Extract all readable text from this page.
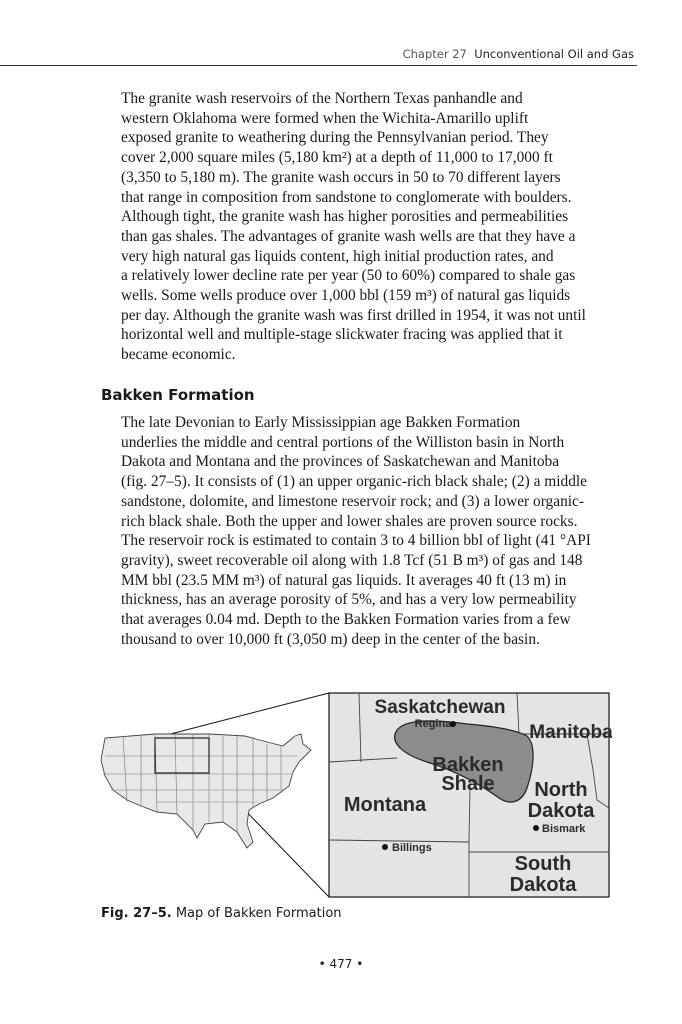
Chapter 27 Unconventional Oil and Gas

The granite wash reservoirs of the Northern Texas panhandle and
western Oklahoma were formed when the Wichita-Amarillo uplift
exposed granite to weathering during the Pennsylvanian period. They
cover 2,000 square miles (5,180 km²) at a depth of 11,000 to 17,000 ft
(3,350 to 5,180 m). The granite wash occurs in 50 to 70 different layers
that range in composition from sandstone to conglomerate with boulders.
Although tight, the granite wash has higher porosities and permeabilities
than gas shales. The advantages of granite wash wells are that they have a
very high natural gas liquids content, high initial production rates, and
a relatively lower decline rate per year (50 to 60%) compared to shale gas
wells. Some wells produce over 1,000 bbl (159 m³) of natural gas liquids
per day. Although the granite wash was first drilled in 1954, it was not until
horizontal well and multiple-stage slickwater fracing was applied that it
became economic.

Bakken Formation

The late Devonian to Early Mississippian age Bakken Formation
underlies the middle and central portions of the Williston basin in North
Dakota and Montana and the provinces of Saskatchewan and Manitoba
(fig. 27–5). It consists of (1) an upper organic-rich black shale; (2) a middle
sandstone, dolomite, and limestone reservoir rock; and (3) a lower organic-
rich black shale. Both the upper and lower shales are proven source rocks.
The reservoir rock is estimated to contain 3 to 4 billion bbl of light (41 °API
gravity), sweet recoverable oil along with 1.8 Tcf (51 B m³) of gas and 148
MM bbl (23.5 MM m³) of natural gas liquids. It averages 40 ft (13 m) in
thickness, has an average porosity of 5%, and has a very low permeability
that averages 0.04 md. Depth to the Bakken Formation varies from a few
thousand to over 10,000 ft (3,050 m) deep in the center of the basin.

Saskatchewan
Regina	Manitoba
Bakken
Shale
Montana
North
Dakota
Bismark
Billings
South
Dakota

Fig. 27–5. Map of Bakken Formation

• 477 •
